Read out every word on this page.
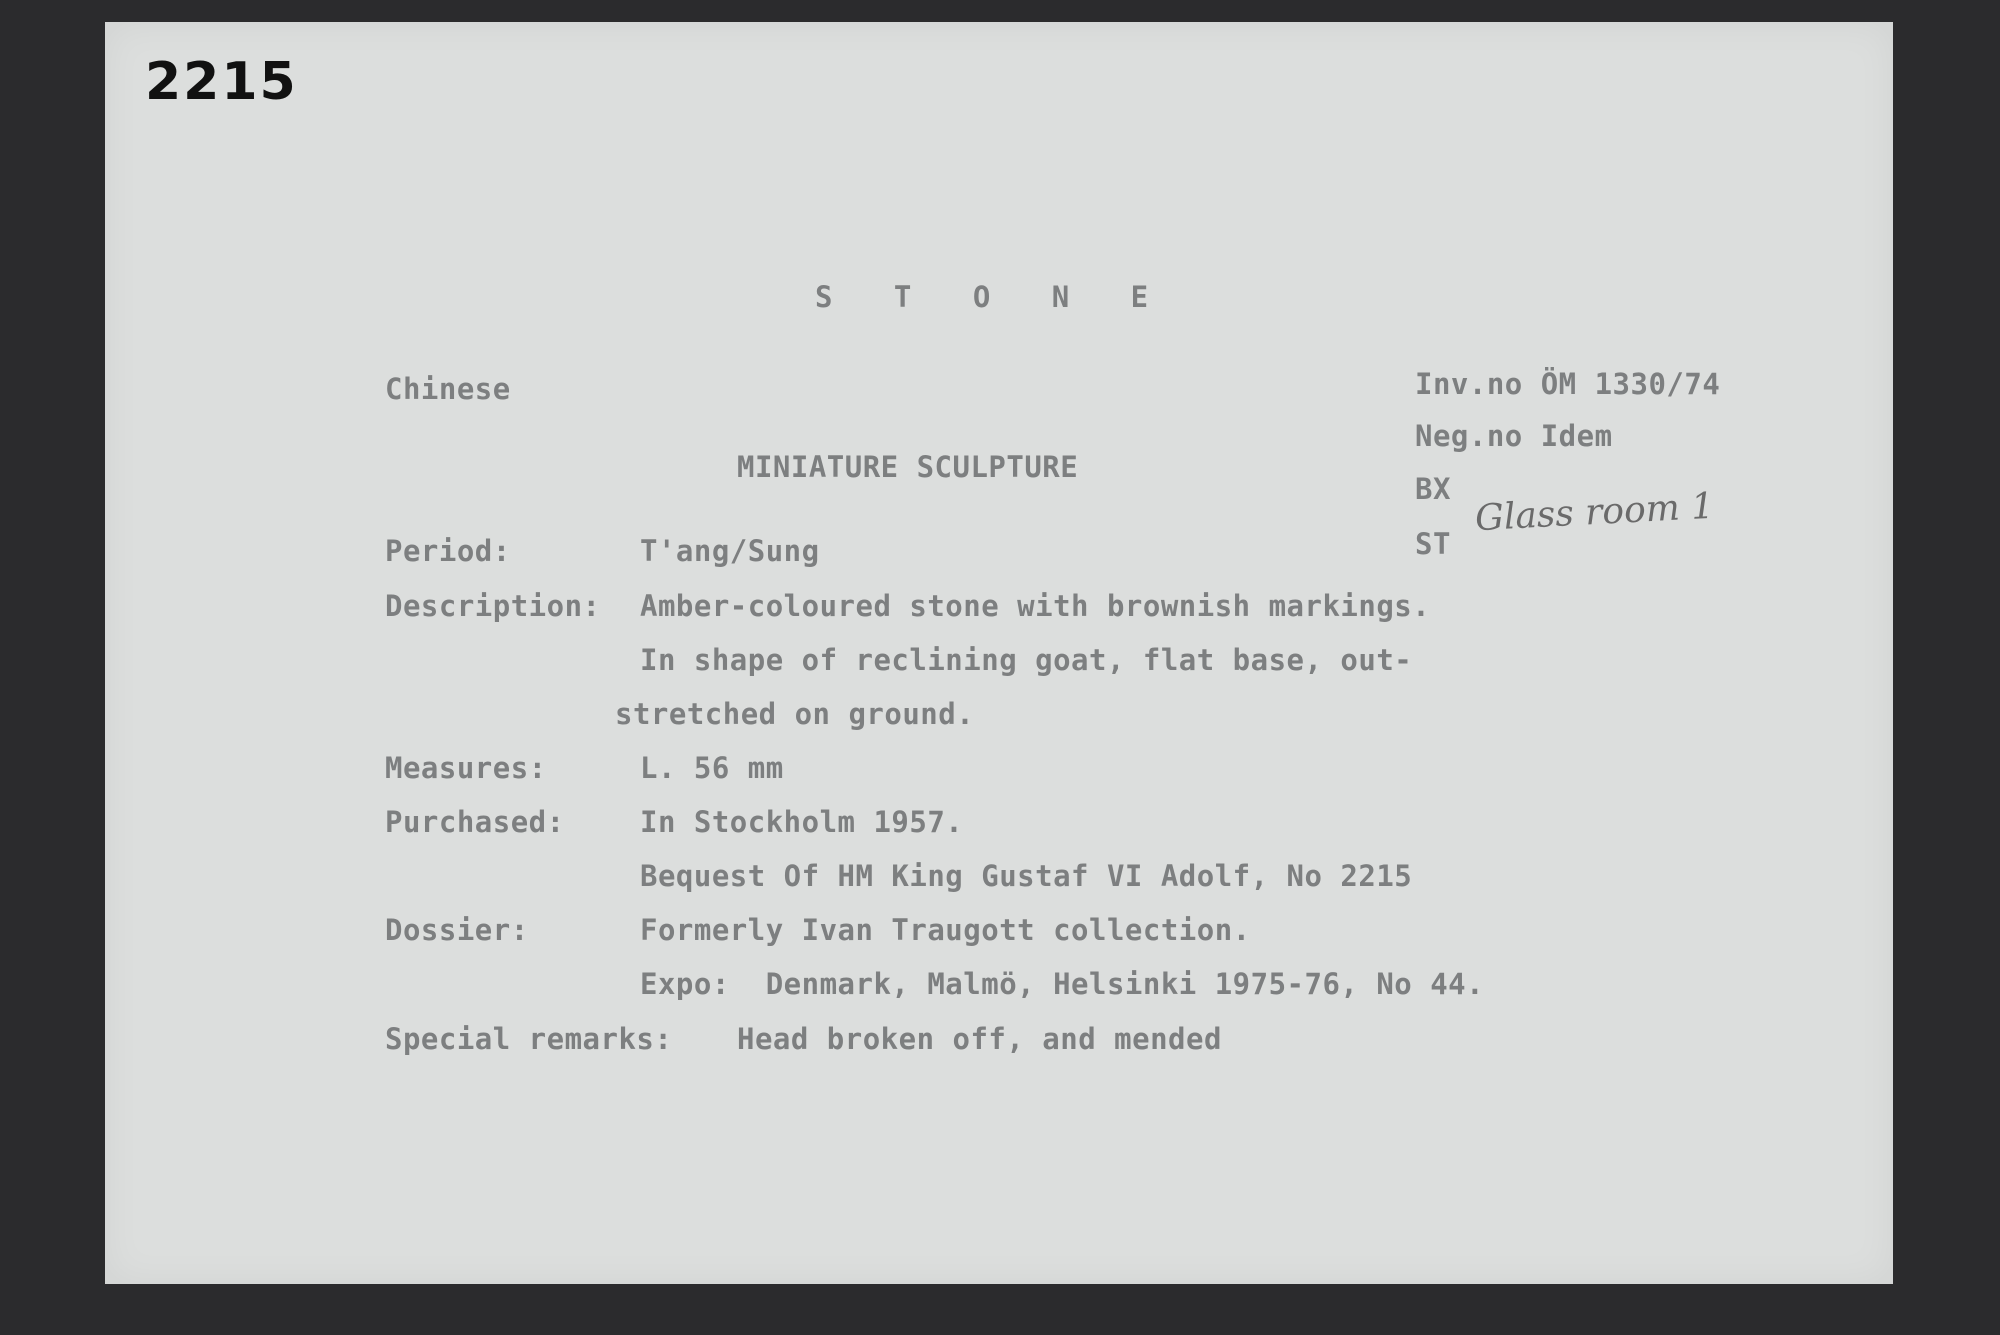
2215
S T O N E
Chinese	Inv.no ÖM 1330/74
Neg.no Idem
BX
ST
Glass room 1
MINIATURE SCULPTURE
Period:	T'ang/Sung
Description: Amber-coloured stone with brownish markings.
In shape of reclining goat, flat base, out-
stretched on ground.
Measures:	L. 56 mm
Purchased:	In Stockholm 1957.
Bequest Of HM King Gustaf VI Adolf, No 2215
Dossier:	Formerly Ivan Traugott collection.
Expo:  Denmark, Malmö, Helsinki 1975-76, No 44.
Special remarks: Head broken off, and mended
